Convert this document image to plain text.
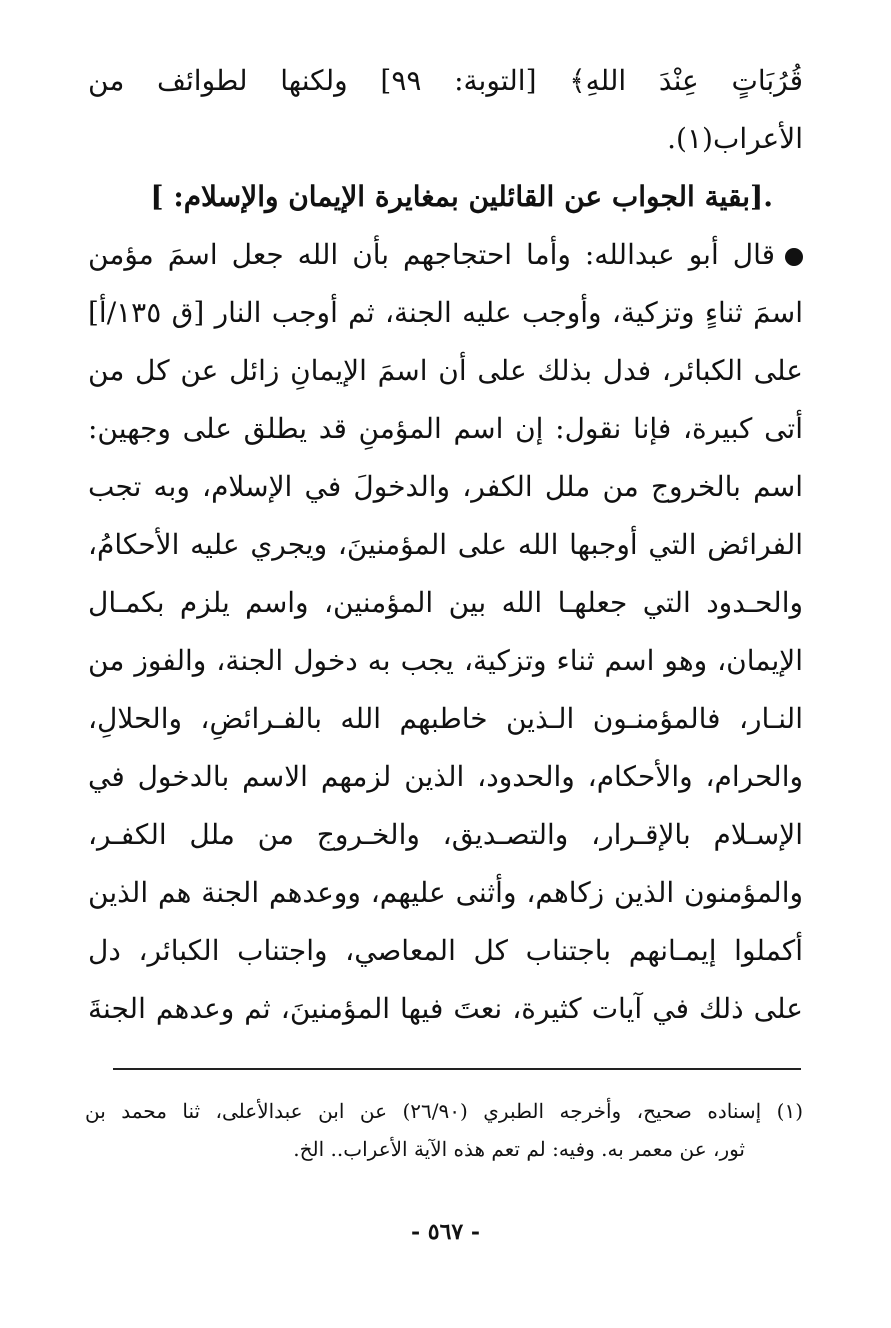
قُرُبَاتٍ عِنْدَ اللهِ﴾ [التوبة: ٩٩] ولكنها لطوائف من
الأعراب(١).
.[بقية الجواب عن القائلين بمغايرة الإيمان والإسلام: ]
قال أبو عبدالله: وأما احتجاجهم بأن الله جعل اسمَ مؤمن
اسمَ ثناءٍ وتزكية، وأوجب عليه الجنة، ثم أوجب النار [ق ١٣٥/أ]
على الكبائر، فدل بذلك على أن اسمَ الإيمانِ زائل عن كل من
أتى كبيرة، فإنا نقول: إن اسم المؤمنِ قد يطلق على وجهين:
اسم بالخروج من ملل الكفر، والدخولَ في الإسلام، وبه تجب
الفرائض التي أوجبها الله على المؤمنينَ، ويجري عليه الأحكامُ،
والحـدود التي جعلهـا الله بين المؤمنين، واسم يلزم بكمـال
الإيمان، وهو اسم ثناء وتزكية، يجب به دخول الجنة، والفوز من
النـار، فالمؤمنـون الـذين خاطبهم الله بالفـرائضِ، والحلالِ،
والحرام، والأحكام، والحدود، الذين لزمهم الاسم بالدخول في
الإسـلام بالإقـرار، والتصـديق، والخـروج من ملل الكفـر،
والمؤمنون الذين زكاهم، وأثنى عليهم، ووعدهم الجنة هم الذين
أكملوا إيمـانهم باجتناب كل المعاصي، واجتناب الكبائر، دل
على ذلك في آيات كثيرة، نعتَ فيها المؤمنينَ، ثم وعدهم الجنةَ
(١) إسناده صحيح، وأخرجه الطبري (٢٦/٩٠) عن ابن عبدالأعلى، ثنا محمد بن
ثور، عن معمر به. وفيه: لم تعم هذه الآية الأعراب.. الخ.
- ٥٦٧ -
